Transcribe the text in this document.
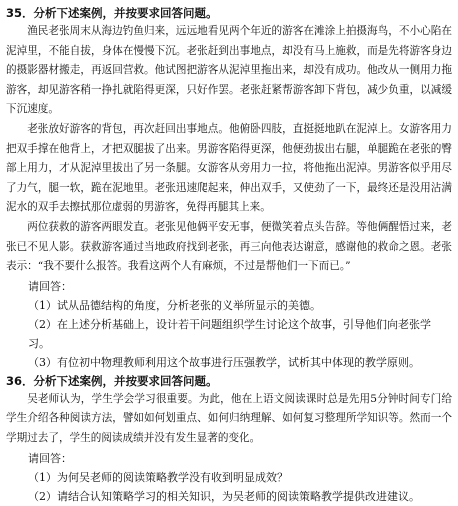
35．分析下述案例，并按要求回答问题。

渔民老张周末从海边钓鱼归来，远远地看见两个年近的游客在滩涂上拍摄海鸟，不小心陷在泥淖里，不能自拔，身体在慢慢下沉。老张赶到出事地点，却没有马上施救，而是先将游客身边的摄影器材搬走，再返回营救。他试图把游客从泥淖里拖出来，却没有成功。他改从一侧用力拖游客，却见游客稍一挣扎就陷得更深，只好作罢。老张赶紧帮游客卸下背包，减少负重，以减缓下沉速度。

老张放好游客的背包，再次赶回出事地点。他俯卧四肢，直挺挺地趴在泥淖上。女游客用力把双手撑在他背上，才把双腿拔了出来。男游客陷得更深，他便劲拔出右腿，单腿跪在老张的臀部上用力，才从泥淖里拔出了另一条腿。女游客从旁用力一拉，将他拖出泥淖。男游客似乎用尽了力气，腿一软，跪在泥地里。老张迅速爬起来，伸出双手，又使劲了一下，最终还是没用沾满泥水的双手去擦拭那位虚弱的男游客，免得再腿其上来。

两位获救的游客两眼发直。老张见他俩平安无事，便微笑着点头告辞。等他俩醒悟过来，老张已不见人影。获救游客通过当地政府找到老张，再三向他表达谢意，感谢他的救命之恩。老张表示：“我不要什么报答。我看这两个人有麻烦，不过是帮他们一下而已。”

请回答：

（1）试从品德结构的角度，分析老张的义举所显示的美德。

（2）在上述分析基础上，设计若干问题组织学生讨论这个故事，引导他们向老张学习。

（3）有位初中物理教师利用这个故事进行压强教学，试析其中体现的教学原则。

36．分析下述案例，并按要求回答问题。

吴老师认为，学生学会学习很重要。为此，他在上语文阅读课时总是先用5分钟时间专门给学生介绍各种阅读方法，譬如如何划重点、如何归纳理解、如何复习整理所学知识等。然而一个学期过去了，学生的阅读成绩并没有发生显著的变化。

请回答：

（1）为何吴老师的阅读策略教学没有收到明显成效？

（2）请结合认知策略学习的相关知识，为吴老师的阅读策略教学提供改进建议。
